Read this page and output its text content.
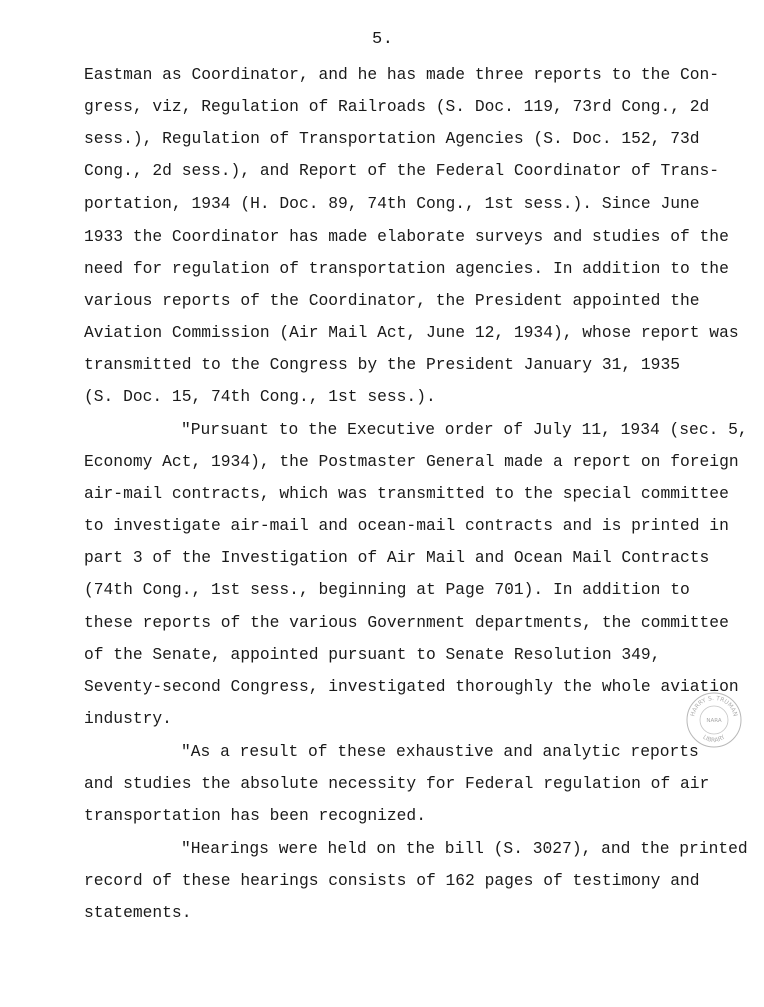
5.
Eastman as Coordinator, and he has made three reports to the Con-
gress, viz, Regulation of Railroads (S. Doc. 119, 73rd Cong., 2d
sess.), Regulation of Transportation Agencies (S. Doc. 152, 73d
Cong., 2d sess.), and Report of the Federal Coordinator of Trans-
portation, 1934 (H. Doc. 89, 74th Cong., 1st sess.). Since June
1933 the Coordinator has made elaborate surveys and studies of the
need for regulation of transportation agencies. In addition to the
various reports of the Coordinator, the President appointed the
Aviation Commission (Air Mail Act, June 12, 1934), whose report was
transmitted to the Congress by the President January 31, 1935
(S. Doc. 15, 74th Cong., 1st sess.).
"Pursuant to the Executive order of July 11, 1934 (sec. 5,
Economy Act, 1934), the Postmaster General made a report on foreign
air-mail contracts, which was transmitted to the special committee
to investigate air-mail and ocean-mail contracts and is printed in
part 3 of the Investigation of Air Mail and Ocean Mail Contracts
(74th Cong., 1st sess., beginning at Page 701). In addition to
these reports of the various Government departments, the committee
of the Senate, appointed pursuant to Senate Resolution 349,
Seventy-second Congress, investigated thoroughly the whole aviation
industry.
"As a result of these exhaustive and analytic reports
and studies the absolute necessity for Federal regulation of air
transportation has been recognized.
"Hearings were held on the bill (S. 3027), and the printed
record of these hearings consists of 162 pages of testimony and
statements.
HARRY S. TRUMAN
LIBRARY
NARA
